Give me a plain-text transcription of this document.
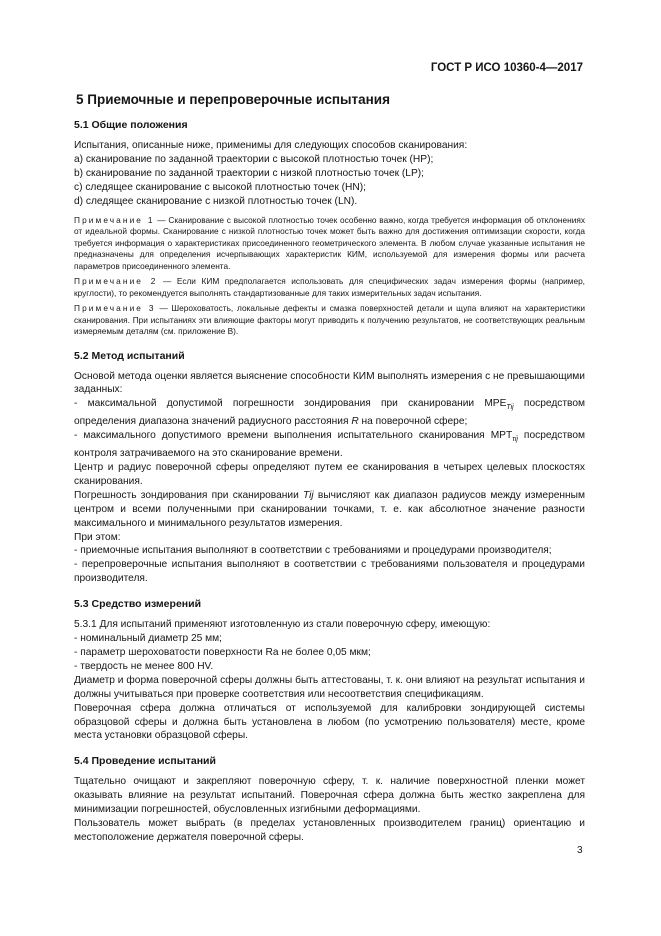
ГОСТ Р ИСО 10360-4—2017
5 Приемочные и перепроверочные испытания
5.1 Общие положения

Испытания, описанные ниже, применимы для следующих способов сканирования:

a) сканирование по заданной траектории с высокой плотностью точек (HP);

b) сканирование по заданной траектории с низкой плотностью точек (LP);

c) следящее сканирование с высокой плотностью точек (HN);

d) следящее сканирование с низкой плотностью точек (LN).

Примечание 1 — Сканирование с высокой плотностью точек особенно важно, когда требуется информация об отклонениях от идеальной формы. Сканирование с низкой плотностью точек может быть важно для достижения оптимизации скорости, когда требуется информация о характеристиках присоединенного геометрического элемента. В любом случае указанные испытания не предназначены для определения исчерпывающих характеристик КИМ, используемой для измерения формы или расчета параметров присоединенного элемента.

Примечание 2 — Если КИМ предполагается использовать для специфических задач измерения формы (например, круглости), то рекомендуется выполнять стандартизованные для таких измерительных задач испытания.

Примечание 3 — Шероховатость, локальные дефекты и смазка поверхностей детали и щупа влияют на характеристики сканирования. При испытаниях эти влияющие факторы могут приводить к получению результатов, не соответствующих реальным измеряемым деталям (см. приложение В).

5.2 Метод испытаний

Основой метода оценки является выяснение способности КИМ выполнять измерения с не превышающими заданных:

- максимальной допустимой погрешности зондирования при сканировании $MPE_{Tij}$ посредством определения диапазона значений радиусного расстояния R на поверочной сфере;

- максимального допустимого времени выполнения испытательного сканирования $MPT_{\tau ij}$ посредством контроля затрачиваемого на это сканирование времени.

Центр и радиус поверочной сферы определяют путем ее сканирования в четырех целевых плоскостях сканирования.

Погрешность зондирования при сканировании Tij вычисляют как диапазон радиусов между измеренным центром и всеми полученными при сканировании точками, т. е. как абсолютное значение разности максимального и минимального результатов измерения.

При этом:

- приемочные испытания выполняют в соответствии с требованиями и процедурами производителя;

- перепроверочные испытания выполняют в соответствии с требованиями пользователя и процедурами производителя.

5.3 Средство измерений

5.3.1 Для испытаний применяют изготовленную из стали поверочную сферу, имеющую:

- номинальный диаметр 25 мм;

- параметр шероховатости поверхности Ra не более 0,05 мкм;

- твердость не менее 800 HV.

Диаметр и форма поверочной сферы должны быть аттестованы, т. к. они влияют на результат испытания и должны учитываться при проверке соответствия или несоответствия спецификациям.

Поверочная сфера должна отличаться от используемой для калибровки зондирующей системы образцовой сферы и должна быть установлена в любом (по усмотрению пользователя) месте, кроме места установки образцовой сферы.

5.4 Проведение испытаний

Тщательно очищают и закрепляют поверочную сферу, т. к. наличие поверхностной пленки может оказывать влияние на результат испытаний. Поверочная сфера должна быть жестко закреплена для минимизации погрешностей, обусловленных изгибными деформациями.

Пользователь может выбрать (в пределах установленных производителем границ) ориентацию и местоположение держателя поверочной сферы.

3
